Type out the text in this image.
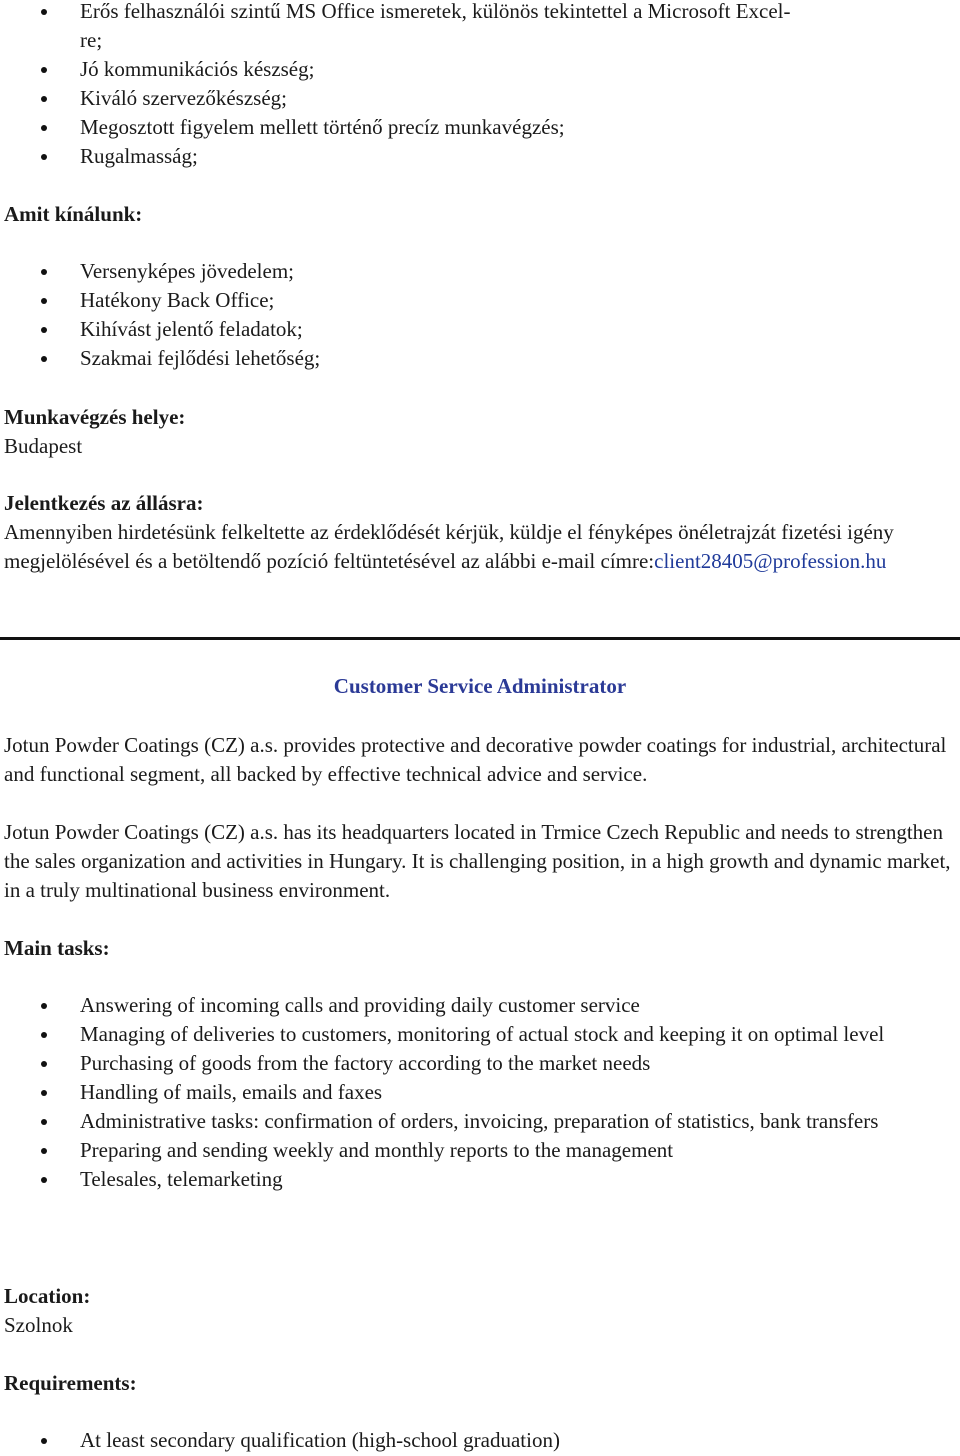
Erős felhasználói szintű MS Office ismeretek, különös tekintettel a Microsoft Excel-
re;
Jó kommunikációs készség;
Kiváló szervezőkészség;
Megosztott figyelem mellett történő precíz munkavégzés;
Rugalmasság;
Amit kínálunk:
Versenyképes jövedelem;
Hatékony Back Office;
Kihívást jelentő feladatok;
Szakmai fejlődési lehetőség;
Munkavégzés helye:
Budapest
Jelentkezés az állásra:
Amennyiben hirdetésünk felkeltette az érdeklődését kérjük, küldje el fényképes önéletrajzát fizetési igény megjelölésével és a betöltendő pozíció feltüntetésével az alábbi e-mail címre:client28405@profession.hu
Customer Service Administrator
Jotun Powder Coatings (CZ) a.s. provides protective and decorative powder coatings for industrial, architectural and functional segment, all backed by effective technical advice and service.
Jotun Powder Coatings (CZ) a.s. has its headquarters located in Trmice Czech Republic and needs to strengthen the sales organization and activities in Hungary. It is challenging position, in a high growth and dynamic market, in a truly multinational business environment.
Main tasks:
Answering of incoming calls and providing daily customer service
Managing of deliveries to customers, monitoring of actual stock and keeping it on optimal level
Purchasing of goods from the factory according to the market needs
Handling of mails, emails and faxes
Administrative tasks: confirmation of orders, invoicing, preparation of statistics, bank transfers
Preparing and sending weekly and monthly reports to the management
Telesales, telemarketing
Location:
Szolnok
Requirements:
At least secondary qualification (high-school graduation)
